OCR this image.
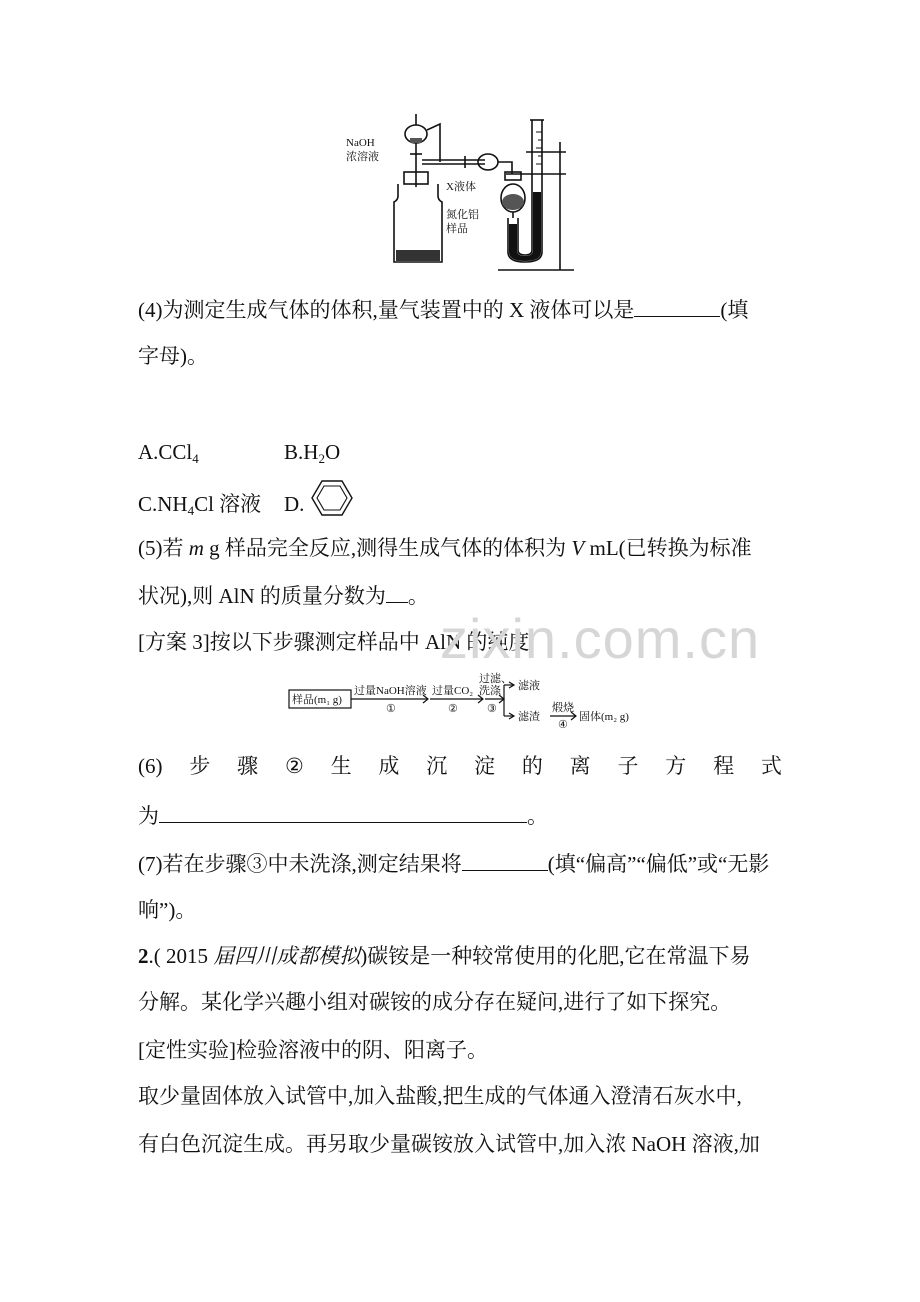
NaOH
浓溶液
X液体
氮化铝
样品
(4)为测定生成气体的体积,量气装置中的 X 液体可以是	(填
字母)。
A.CCl$_4$	$B.H_2O$
$C.NH_4Cl$ 溶液 D.
(5)若 m g 样品完全反应,测得生成气体的体积为 V mL(已转换为标准
状况),则 AlN 的质量分数为 。
[方案 3]按以下步骤测定样品中 AlN 的纯度:
样品(m₁ g)
过量NaOH溶液
①
过量CO₂
②
过滤、
洗涤
③
滤液
滤渣
煅烧
④
固体(m₂ g)
(6) 步 骤 ② 生 成 沉 淀 的 离 子 方 程 式
为	。
(7)若在步骤③中未洗涤,测定结果将	(填“偏高”“偏低”或“无影
响”)。
2.( 2015 届四川成都模拟)碳铵是一种较常使用的化肥,它在常温下易
分解。某化学兴趣小组对碳铵的成分存在疑问,进行了如下探究。
[定性实验]检验溶液中的阴、阳离子。
取少量固体放入试管中,加入盐酸,把生成的气体通入澄清石灰水中,
有白色沉淀生成。再另取少量碳铵放入试管中,加入浓 NaOH 溶液,加
zixin.com.cn
